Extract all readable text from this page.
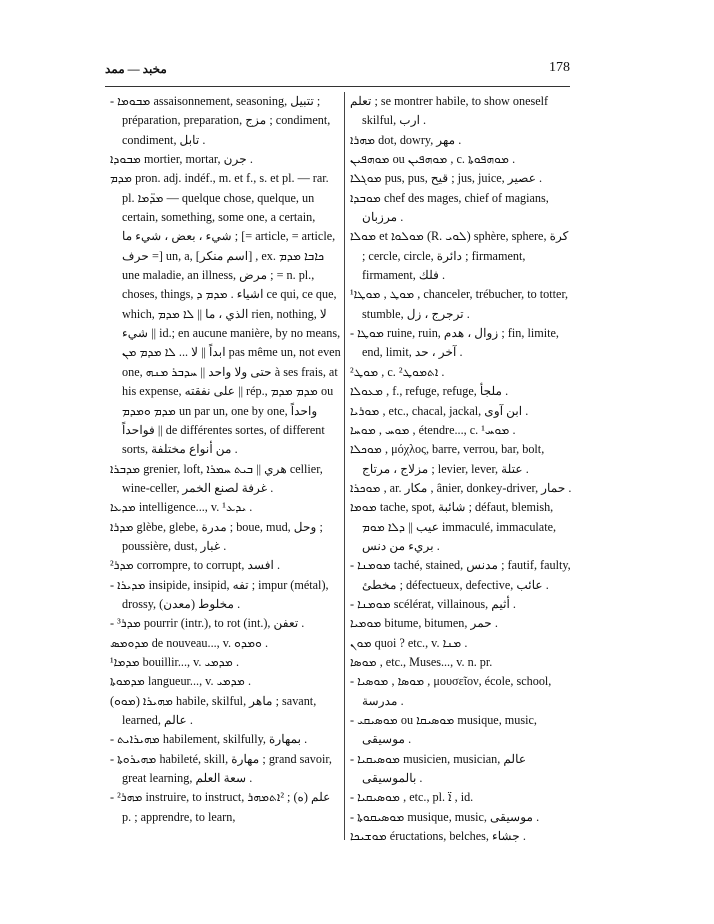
مخبد — ممد	178

- ܡܒܘܡܐ assaisonnement, seasoning, تتبيل ; préparation, preparation, مزج ; condiment, condiment, تابل .

ܡܒܘܕܐ mortier, mortar, جرن .

ܡܕܡ pron. adj. indéf., m. et f., s. et pl. — rar. pl. ܡܕ̈ܡܐ — quelque chose, quelque, un certain, something, some one, a certain, شيء ، بعض ، شيء ما ; [= article, = article, حرف =] un, a, [اسم منكر] , ex. ܟܐܒܐ ܡܕܡ une maladie, an illness, مرض ; = n. pl., choses, things, اشياء . ܡܕܡ ܕ ce qui, ce que, which, الذي ، ما || ܠܐ ܡܕܡ rien, nothing, لا شيء || id.; en aucune manière, by no means, ابداً || لا ... ܠܐ ܡܕܡ ܡܢ pas même un, not even one, حتى ولا واحد || ܚܕܒܪ ܡܢܗ à ses frais, at his expense, على نفقته || rép., ܡܕܡ ܡܕܡ ou ܡܕܡ ܘܡܕܡ un par un, one by one, واحداً فواحداً || de différentes sortes, of different sorts, من أنواع مختلفة .

ܡܕܒܪܐ grenier, loft, هري || ܒܝܬ ܚܡܪܐ cellier, wine-celler, غرفة لصنع الخمر .

ܡܕܥܐ intelligence..., v. ¹ܝܕܥ .

ܡܕܪܐ glèbe, glebe, مدرة ; boue, mud, وحل ; poussière, dust, غبار .

²ܡܕܪ corrompre, to corrupt, افسد .

- ܡܕܝܪܐ insipide, insipid, تفه ; impur (métal), drossy, (معدن) مخلوط .

- ³ܡܕܪ pourrir (intr.), to rot (int.), تعفن .

ܡܕܘܡܣ de nouveau..., v. ܘܡܕܘ .

¹ܡܕܡܐ bouillir..., v. ܡܕܡܝ .

ܡܕܡܘܬܐ langueur..., v. ܡܕܡܝ .

(ܡܘܘ) ܡܗܝܪܐ habile, skilful, ماهر ; savant, learned, عالم .

- ܡܗܝܪܐܝܬ habilement, skilfully, بمهارة .

- ܡܗܝܪܘܬܐ habileté, skill, مهارة ; grand savoir, great learning, سعة العلم .

- ²ܡܗܪ instruire, to instruct, علم (ه) ; ²ܐܬܡܗܪ p. ; apprendre, to learn,

تعلم ; se montrer habile, to show oneself skilful, ارب .

ܡܗܪܐ dot, dowry, مهر .

ܡܘܗܦܝܢ ou ܡܘܗܦܝܢ , c. ܡܘܗܦܘܬܐ .

ܡܘܓܠܐ pus, pus, قيح ; jus, juice, عصير .

ܡܘܒܕܐ chef des mages, chief of magians, مرزبان .

ܡܘܠܐ et ܡܘܠܘܐ (R. ܠܘܝ) sphère, sphere, كرة ; cercle, circle, دائرة ; firmament, firmament, فلك .

¹ܡܘܛ , ܡܘܛܐ , chanceler, trébucher, to totter, stumble, ترجرج ، زل .

- ܡܘܛܐ ruine, ruin, زوال ، هدم ; fin, limite, end, limit, آخر ، حد .

²ܡܘܛ , c. ²ܐܬܡܘܛ .

ܡܥܘܠܐ , f., refuge, refuge, ملجأ .

ܡܘܪܝܐ , etc., chacal, jackal, ابن آوى .

ܡܘܚ , ܡܘܚܐ , étendre..., c. ¹ܡܘܚ .

ܡܘܟܠܐ , μόχλος, barre, verrou, bar, bolt, مزلاج ، مرتاج ; levier, lever, عتلة .

ܡܘܟܪܐ , ar. مكار , ânier, donkey-driver, حمار .

ܡܘܡܐ tache, spot, شائبة ; défaut, blemish, عيب || ܕܠܐ ܡܘܡ immaculé, immaculate, بريء من دنس .

- ܡܘܡܢܐ taché, stained, مدنس ; fautif, faulty, مخطئ ; défectueux, defective, عائب .

- ܡܘܡܢܐ scélérat, villainous, أثيم .

ܡܘܡܝܐ bitume, bitumen, حمر .

ܡܘܢ quoi ? etc., v. ܡܢܐ .

ܡܘܣܐ , etc., Muses..., v. n. pr.

- ܡܘܣܐ , ܡܘܣܝܐ , μουσεῖον, école, school, مدرسة .

- ܡܘܣܝܩܝ ou ܡܘܣܝܩܐ musique, music, موسيقى .

- ܡܘܣܝܩܝܐ musicien, musician, عالم بالموسيقى .

- ܡܘܣܝܩܝܐ , etc., pl. ܐ̈ , id.

- ܡܘܣܝܩܘܬܐ musique, music, موسيقى .

ܡܘܫܝܟܐ éructations, belches, جشاء .
